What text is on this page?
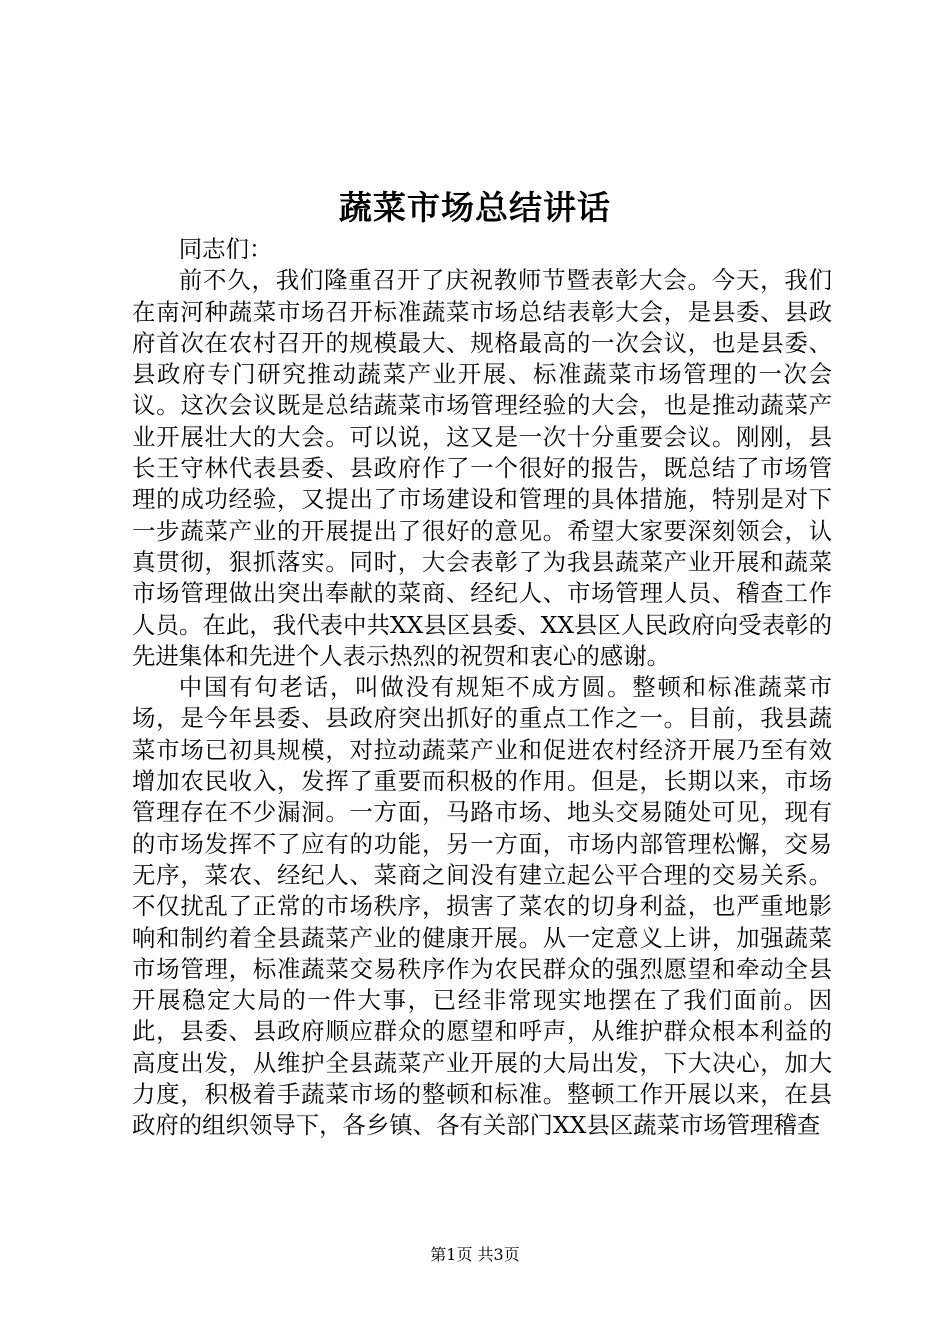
蔬菜市场总结讲话

同志们：

前不久，我们隆重召开了庆祝教师节暨表彰大会。今天，我们在南河种蔬菜市场召开标准蔬菜市场总结表彰大会，是县委、县政府首次在农村召开的规模最大、规格最高的一次会议，也是县委、县政府专门研究推动蔬菜产业开展、标准蔬菜市场管理的一次会议。这次会议既是总结蔬菜市场管理经验的大会，也是推动蔬菜产业开展壮大的大会。可以说，这又是一次十分重要会议。刚刚，县长王守林代表县委、县政府作了一个很好的报告，既总结了市场管理的成功经验，又提出了市场建设和管理的具体措施，特别是对下一步蔬菜产业的开展提出了很好的意见。希望大家要深刻领会，认真贯彻，狠抓落实。同时，大会表彰了为我县蔬菜产业开展和蔬菜市场管理做出突出奉献的菜商、经纪人、市场管理人员、稽查工作人员。在此，我代表中共XX县区县委、XX县区人民政府向受表彰的先进集体和先进个人表示热烈的祝贺和衷心的感谢。

中国有句老话，叫做没有规矩不成方圆。整顿和标准蔬菜市场，是今年县委、县政府突出抓好的重点工作之一。目前，我县蔬菜市场已初具规模，对拉动蔬菜产业和促进农村经济开展乃至有效增加农民收入，发挥了重要而积极的作用。但是，长期以来，市场管理存在不少漏洞。一方面，马路市场、地头交易随处可见，现有的市场发挥不了应有的功能，另一方面，市场内部管理松懈，交易无序，菜农、经纪人、菜商之间没有建立起公平合理的交易关系。不仅扰乱了正常的市场秩序，损害了菜农的切身利益，也严重地影响和制约着全县蔬菜产业的健康开展。从一定意义上讲，加强蔬菜市场管理，标准蔬菜交易秩序作为农民群众的强烈愿望和牵动全县开展稳定大局的一件大事，已经非常现实地摆在了我们面前。因此，县委、县政府顺应群众的愿望和呼声，从维护群众根本利益的高度出发，从维护全县蔬菜产业开展的大局出发，下大决心，加大力度，积极着手蔬菜市场的整顿和标准。整顿工作开展以来，在县政府的组织领导下，各乡镇、各有关部门XX县区蔬菜市场管理稽查

第1页 共3页
